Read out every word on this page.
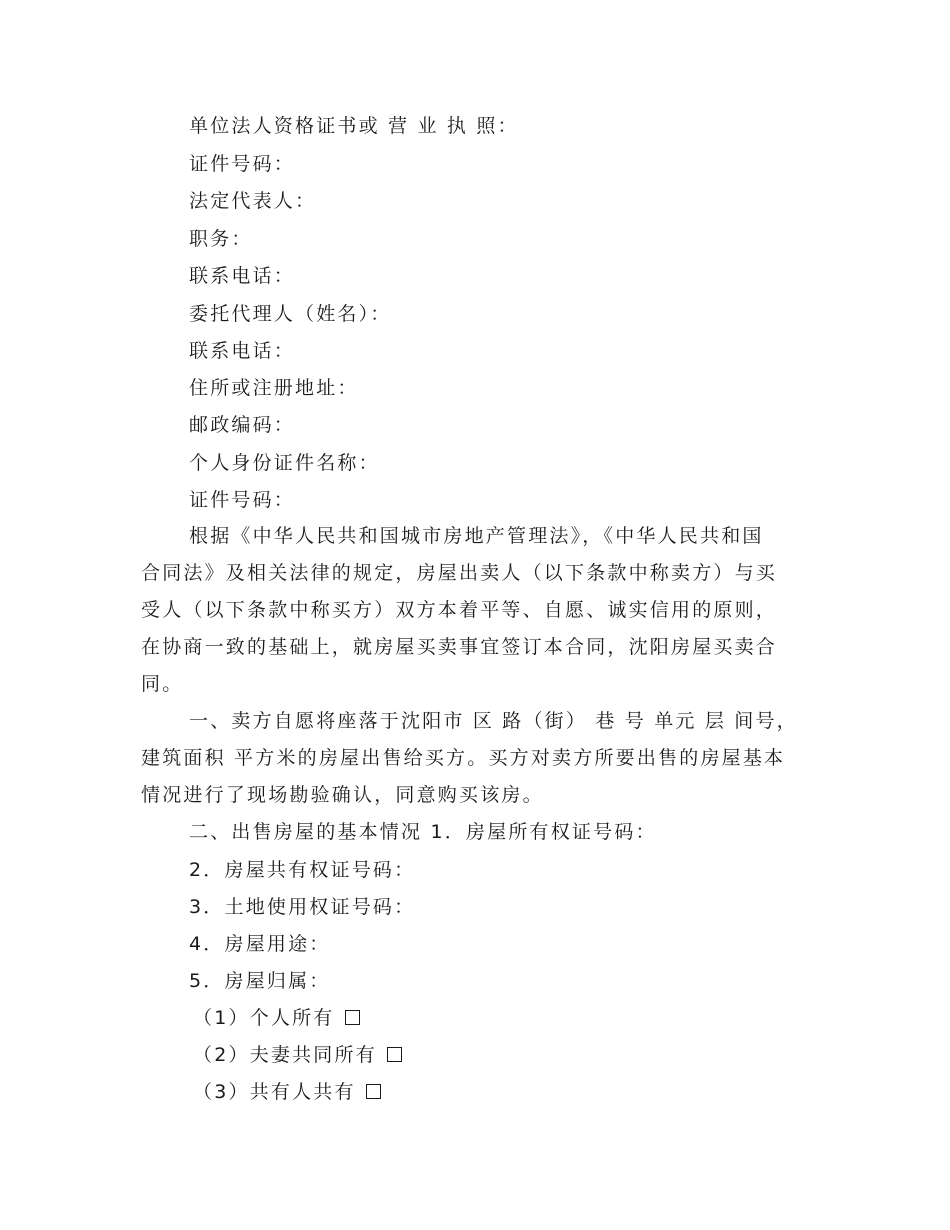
单位法人资格证书或 营 业 执 照：
证件号码：
法定代表人：
职务：
联系电话：
委托代理人（姓名）：
联系电话：
住所或注册地址：
邮政编码：
个人身份证件名称：
证件号码：
根据《中华人民共和国城市房地产管理法》，《中华人民共和国
合同法》及相关法律的规定，房屋出卖人（以下条款中称卖方）与买
受人（以下条款中称买方）双方本着平等、自愿、诚实信用的原则，
在协商一致的基础上，就房屋买卖事宜签订本合同，沈阳房屋买卖合
同。
一、卖方自愿将座落于沈阳市 区 路（街） 巷 号 单元 层 间号，
建筑面积 平方米的房屋出售给买方。买方对卖方所要出售的房屋基本
情况进行了现场勘验确认，同意购买该房。
二、出售房屋的基本情况 1．房屋所有权证号码：
2．房屋共有权证号码：
3．土地使用权证号码：
4．房屋用途：
5．房屋归属：
（1）个人所有
（2）夫妻共同所有
（3）共有人共有
